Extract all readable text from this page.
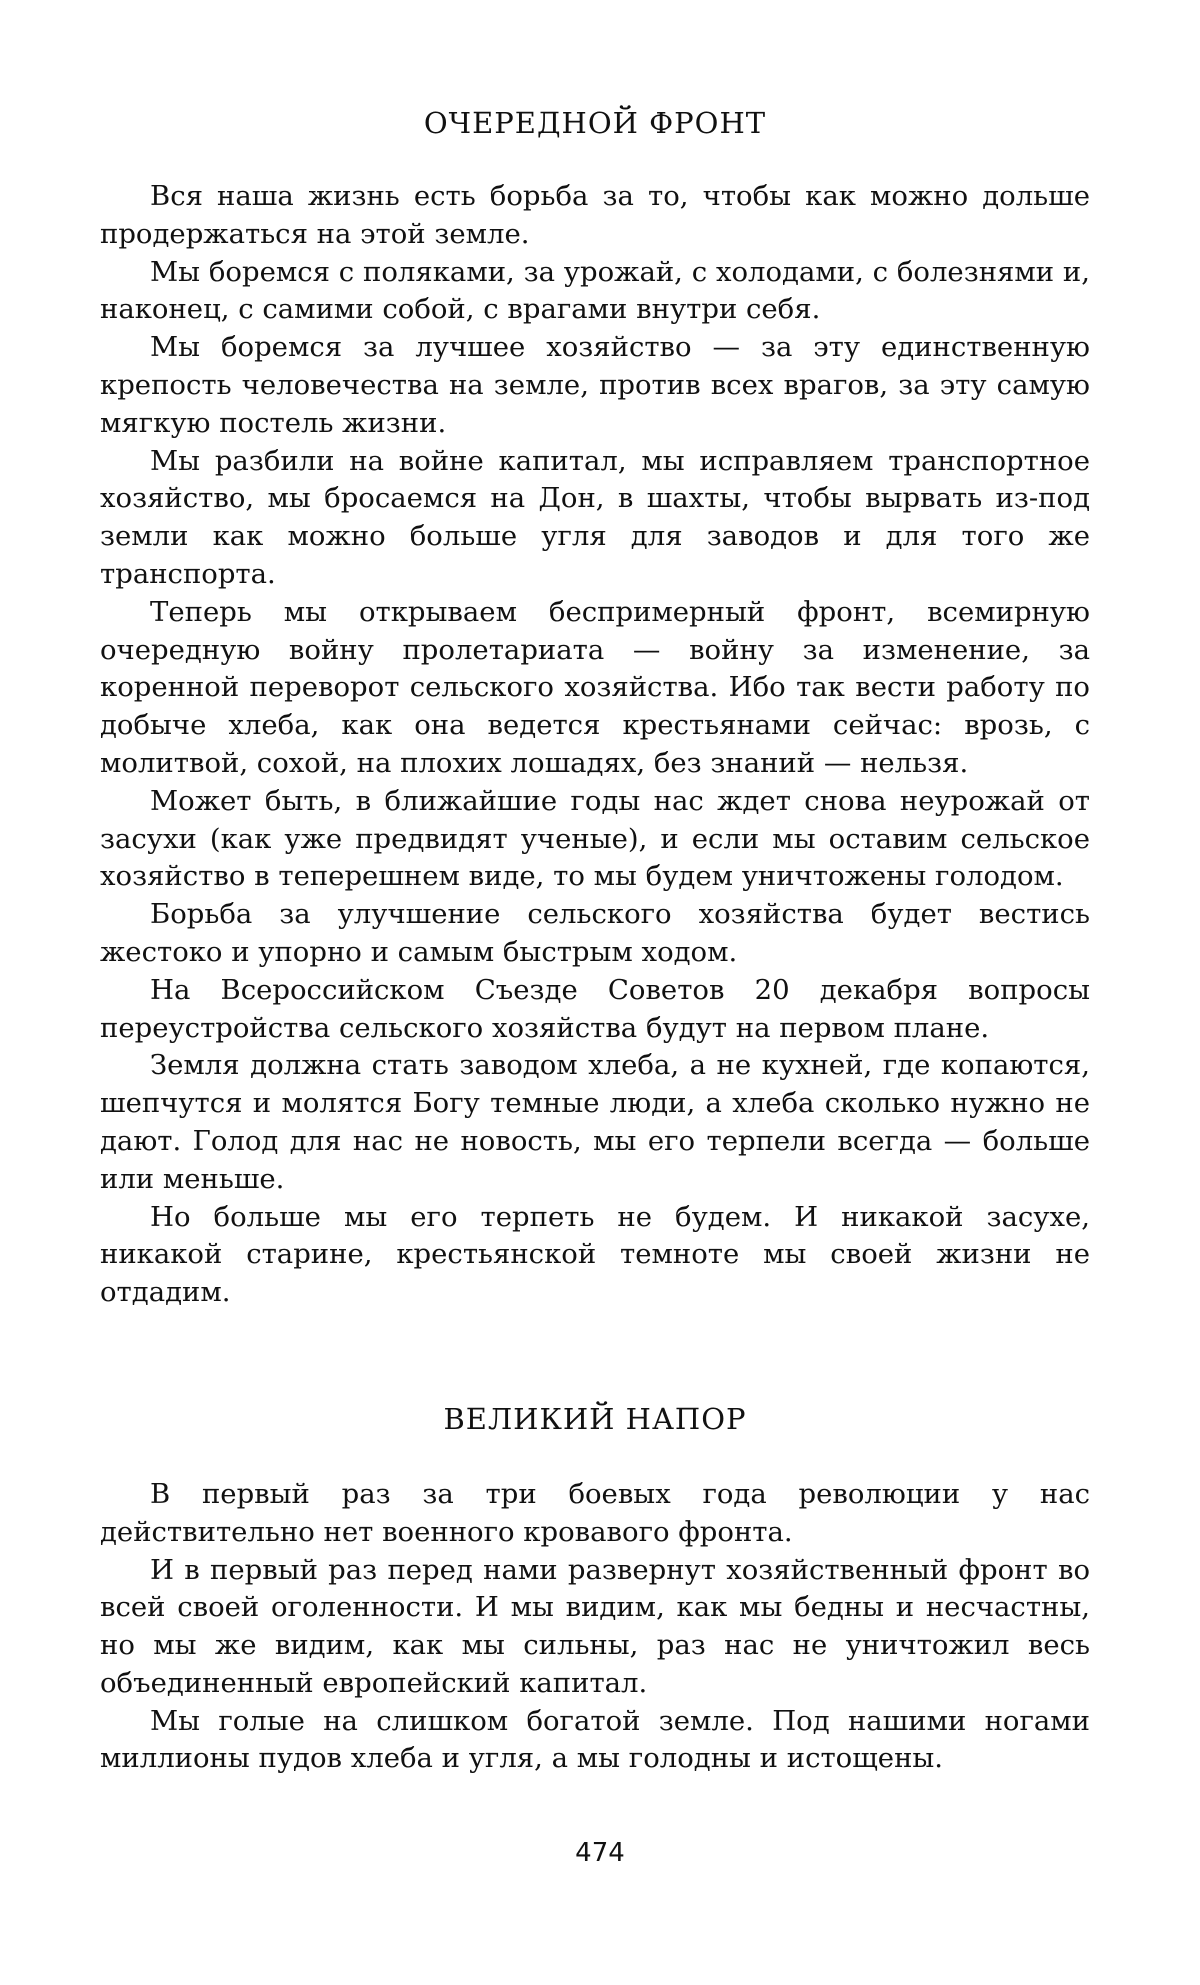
ОЧЕРЕДНОЙ ФРОНТ

Вся наша жизнь есть борьба за то, чтобы как можно дольше продержаться на этой земле.

Мы боремся с поляками, за урожай, с холодами, с болезнями и, наконец, с самими собой, с врагами внутри себя.

Мы боремся за лучшее хозяйство — за эту единственную крепость человечества на земле, против всех врагов, за эту самую мягкую постель жизни.

Мы разбили на войне капитал, мы исправляем транспортное хозяйство, мы бросаемся на Дон, в шахты, чтобы вырвать из-под земли как можно больше угля для заводов и для того же транспорта.

Теперь мы открываем беспримерный фронт, всемирную очередную войну пролетариата — войну за изменение, за коренной переворот сельского хозяйства. Ибо так вести работу по добыче хлеба, как она ведется крестьянами сейчас: врозь, с молитвой, сохой, на плохих лошадях, без знаний — нельзя.

Может быть, в ближайшие годы нас ждет снова неурожай от засухи (как уже предвидят ученые), и если мы оставим сельское хозяйство в теперешнем виде, то мы будем уничтожены голодом.

Борьба за улучшение сельского хозяйства будет вестись жестоко и упорно и самым быстрым ходом.

На Всероссийском Съезде Советов 20 декабря вопросы переустройства сельского хозяйства будут на первом плане.

Земля должна стать заводом хлеба, а не кухней, где копаются, шепчутся и молятся Богу темные люди, а хлеба сколько нужно не дают. Голод для нас не новость, мы его терпели всегда — больше или меньше.

Но больше мы его терпеть не будем. И никакой засухе, никакой старине, крестьянской темноте мы своей жизни не отдадим.

ВЕЛИКИЙ НАПОР

В первый раз за три боевых года революции у нас действительно нет военного кровавого фронта.

И в первый раз перед нами развернут хозяйственный фронт во всей своей оголенности. И мы видим, как мы бедны и несчастны, но мы же видим, как мы сильны, раз нас не уничтожил весь объединенный европейский капитал.

Мы голые на слишком богатой земле. Под нашими ногами миллионы пудов хлеба и угля, а мы голодны и истощены.

474
